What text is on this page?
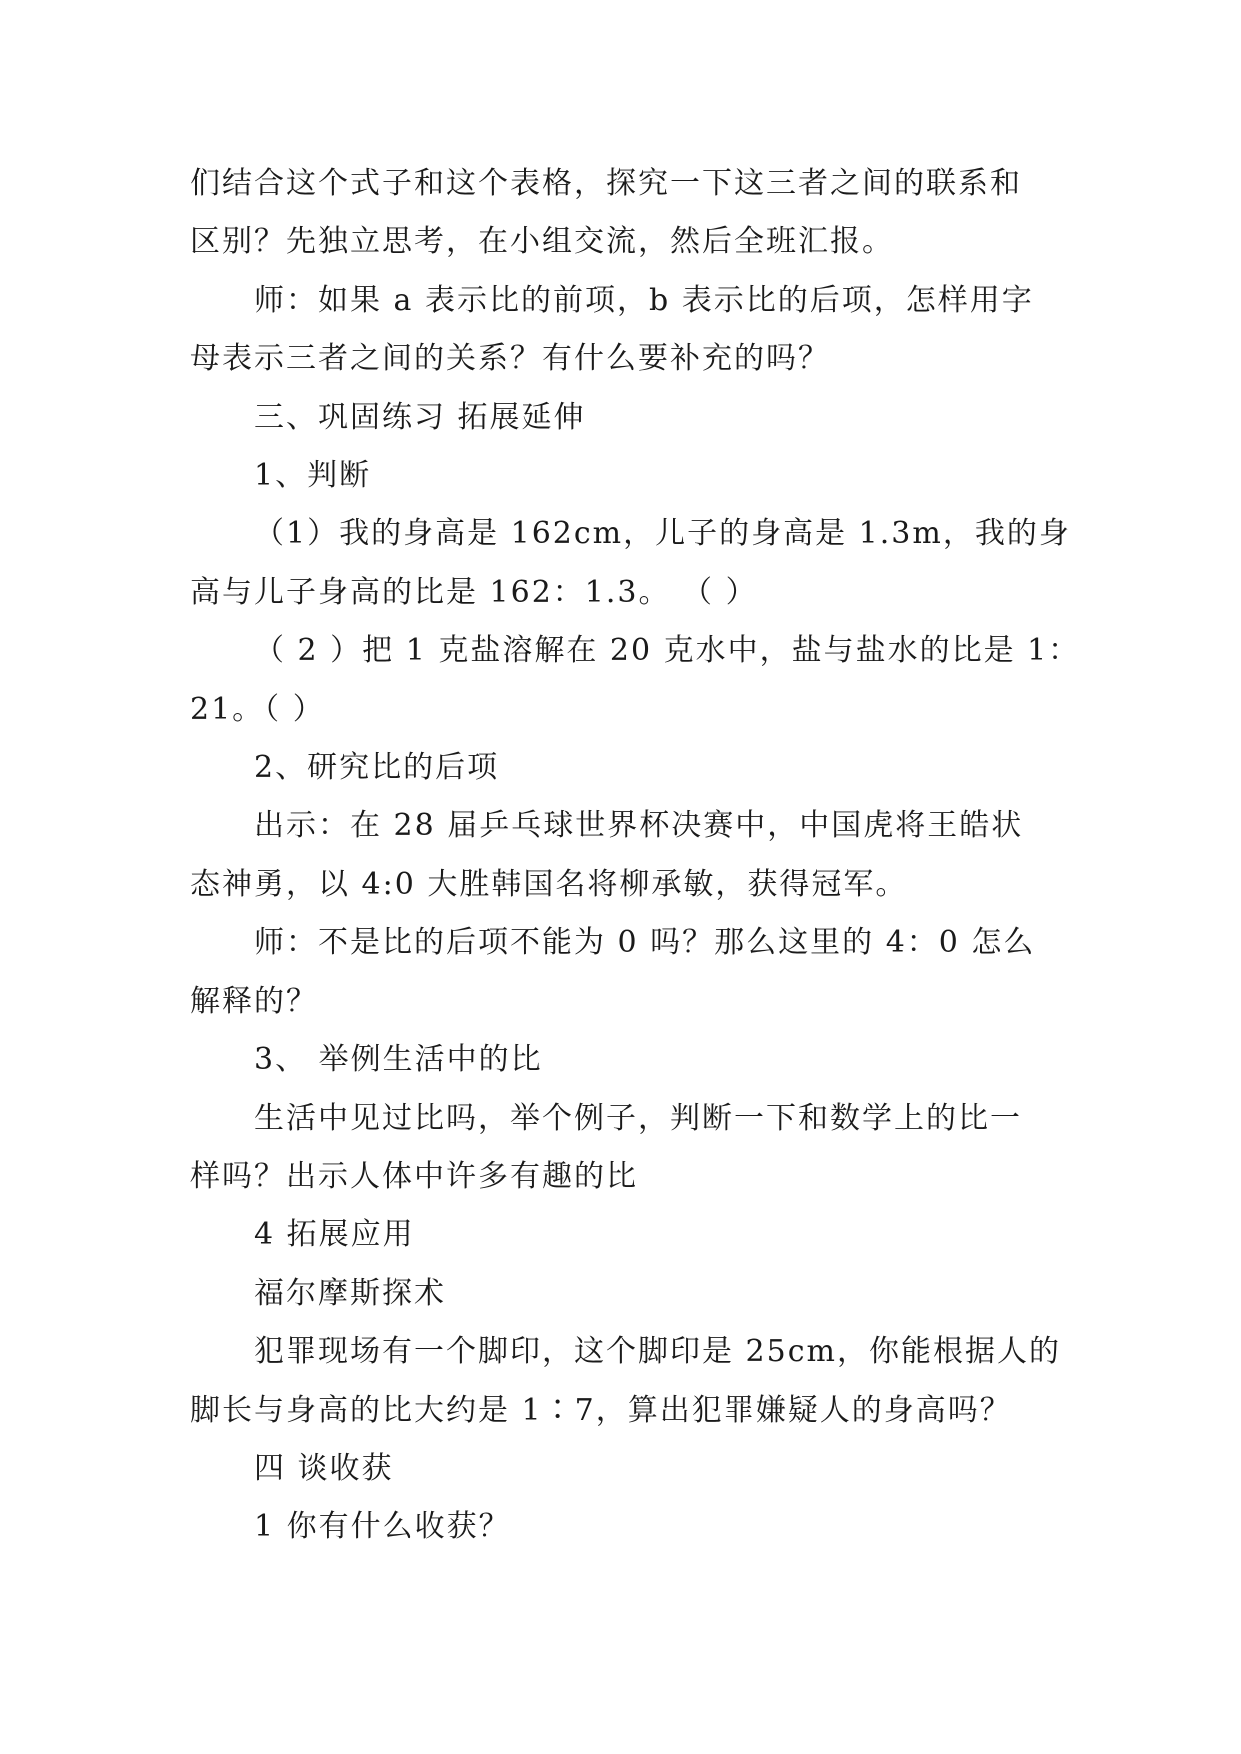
们结合这个式子和这个表格，探究一下这三者之间的联系和
区别？先独立思考，在小组交流，然后全班汇报。
师：如果 a 表示比的前项，b 表示比的后项，怎样用字
母表示三者之间的关系？有什么要补充的吗？
三、巩固练习 拓展延伸
1、判断
（1）我的身高是 162cm，儿子的身高是 1.3m，我的身
高与儿子身高的比是 162：1.3。 （ ）
（ 2 ）把 1 克盐溶解在 20 克水中，盐与盐水的比是 1：
21。（ ）
2、研究比的后项
出示：在 28 届乒乓球世界杯决赛中，中国虎将王皓状
态神勇，以 4:0 大胜韩国名将柳承敏，获得冠军。
师：不是比的后项不能为 0 吗？那么这里的 4：0 怎么
解释的？
3、 举例生活中的比
生活中见过比吗，举个例子，判断一下和数学上的比一
样吗？出示人体中许多有趣的比
4 拓展应用
福尔摩斯探术
犯罪现场有一个脚印，这个脚印是 25cm，你能根据人的
脚长与身高的比大约是 1∶7，算出犯罪嫌疑人的身高吗？
四 谈收获
1 你有什么收获？
